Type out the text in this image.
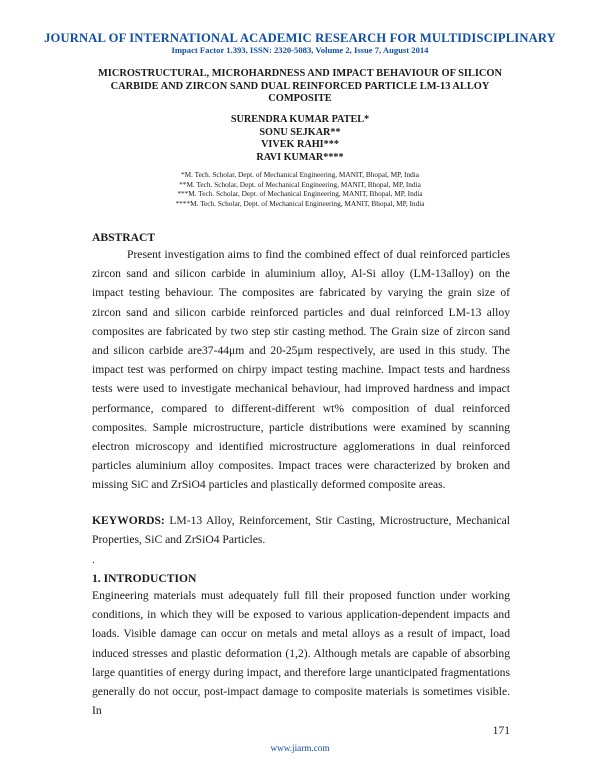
JOURNAL OF INTERNATIONAL ACADEMIC RESEARCH FOR MULTIDISCIPLINARY
Impact Factor 1.393, ISSN: 2320-5083, Volume 2, Issue 7, August 2014
MICROSTRUCTURAL, MICROHARDNESS AND IMPACT BEHAVIOUR OF SILICON CARBIDE AND ZIRCON SAND DUAL REINFORCED PARTICLE LM-13 ALLOY COMPOSITE
SURENDRA KUMAR PATEL*
SONU SEJKAR**
VIVEK RAHI***
RAVI KUMAR****
*M. Tech. Scholar, Dept. of Mechanical Engineering, MANIT, Bhopal, MP, India
**M. Tech. Scholar, Dept. of Mechanical Engineering, MANIT, Bhopal, MP, India
***M. Tech. Scholar, Dept. of Mechanical Engineering, MANIT, Bhopal, MP, India
****M. Tech. Scholar, Dept. of Mechanical Engineering, MANIT, Bhopal, MP, India
ABSTRACT

Present investigation aims to find the combined effect of dual reinforced particles zircon sand and silicon carbide in aluminium alloy, Al-Si alloy (LM-13alloy) on the impact testing behaviour. The composites are fabricated by varying the grain size of zircon sand and silicon carbide reinforced particles and dual reinforced LM-13 alloy composites are fabricated by two step stir casting method. The Grain size of zircon sand and silicon carbide are37-44μm and 20-25μm respectively, are used in this study. The impact test was performed on chirpy impact testing machine. Impact tests and hardness tests were used to investigate mechanical behaviour, had improved hardness and impact performance, compared to different-different wt% composition of dual reinforced composites. Sample microstructure, particle distributions were examined by scanning electron microscopy and identified microstructure agglomerations in dual reinforced particles aluminium alloy composites. Impact traces were characterized by broken and missing SiC and ZrSiO4 particles and plastically deformed composite areas.

KEYWORDS: LM-13 Alloy, Reinforcement, Stir Casting, Microstructure, Mechanical Properties, SiC and ZrSiO4 Particles.

.
1. INTRODUCTION

Engineering materials must adequately full fill their proposed function under working conditions, in which they will be exposed to various application-dependent impacts and loads. Visible damage can occur on metals and metal alloys as a result of impact, load induced stresses and plastic deformation (1,2). Although metals are capable of absorbing large quantities of energy during impact, and therefore large unanticipated fragmentations generally do not occur, post-impact damage to composite materials is sometimes visible. In

171
www.jiarm.com
